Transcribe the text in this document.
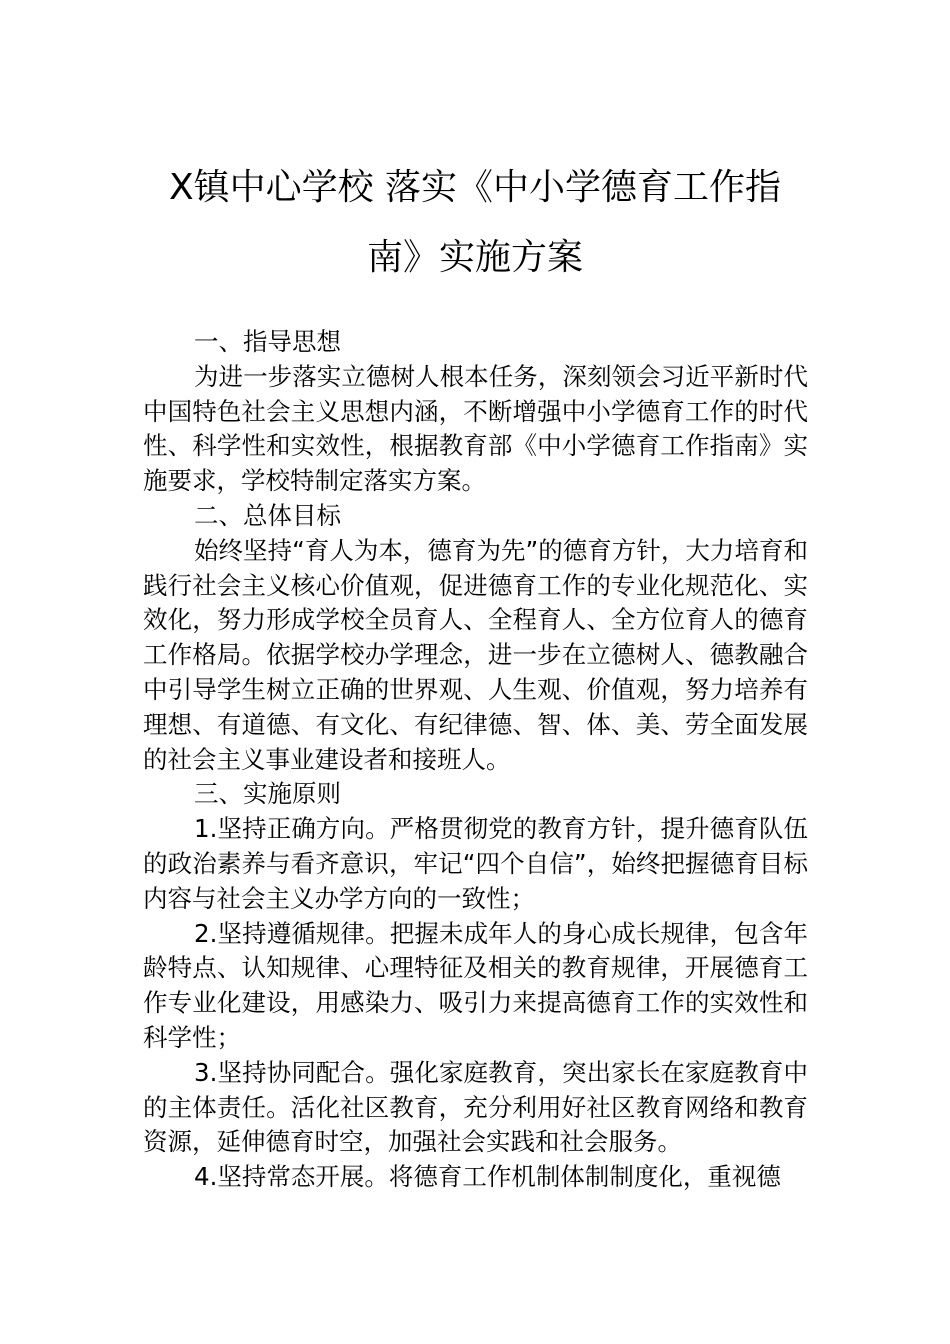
X镇中心学校 落实《中小学德育工作指
南》实施方案

一、指导思想

为进一步落实立德树人根本任务，深刻领会习近平新时代中国特色社会主义思想内涵，不断增强中小学德育工作的时代性、科学性和实效性，根据教育部《中小学德育工作指南》实施要求，学校特制定落实方案。

二、总体目标

始终坚持“育人为本，德育为先”的德育方针，大力培育和践行社会主义核心价值观，促进德育工作的专业化规范化、实效化，努力形成学校全员育人、全程育人、全方位育人的德育工作格局。依据学校办学理念，进一步在立德树人、德教融合中引导学生树立正确的世界观、人生观、价值观，努力培养有理想、有道德、有文化、有纪律德、智、体、美、劳全面发展的社会主义事业建设者和接班人。

三、实施原则

1.坚持正确方向。严格贯彻党的教育方针，提升德育队伍的政治素养与看齐意识，牢记“四个自信”，始终把握德育目标内容与社会主义办学方向的一致性；

2.坚持遵循规律。把握未成年人的身心成长规律，包含年龄特点、认知规律、心理特征及相关的教育规律，开展德育工作专业化建设，用感染力、吸引力来提高德育工作的实效性和科学性；

3.坚持协同配合。强化家庭教育，突出家长在家庭教育中的主体责任。活化社区教育，充分利用好社区教育网络和教育资源，延伸德育时空，加强社会实践和社会服务。

4.坚持常态开展。将德育工作机制体制制度化，重视德
